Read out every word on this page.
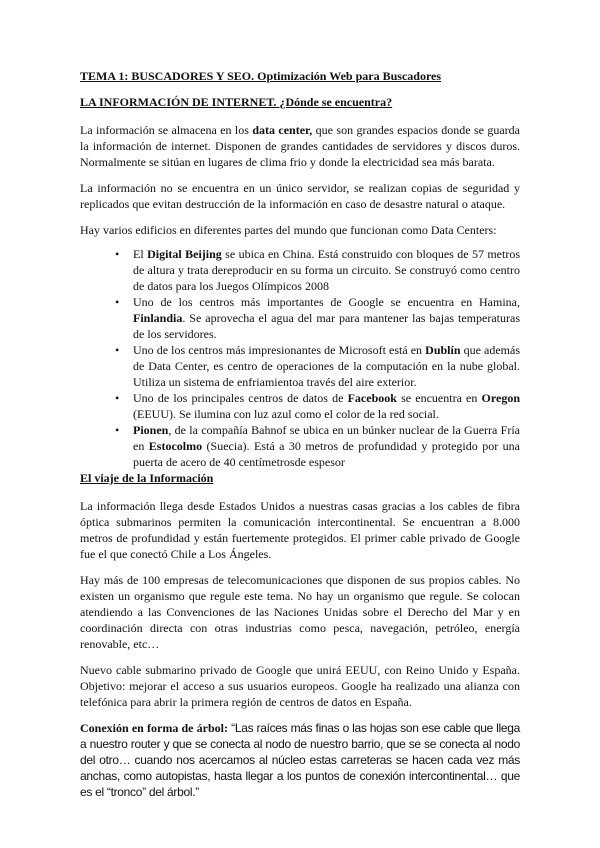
TEMA 1: BUSCADORES Y SEO. Optimización Web para Buscadores
LA INFORMACIÓN DE INTERNET. ¿Dónde se encuentra?

La información se almacena en los data center, que son grandes espacios donde se guarda la información de internet. Disponen de grandes cantidades de servidores y discos duros. Normalmente se sitúan en lugares de clima frio y donde la electricidad sea más barata.

La información no se encuentra en un único servidor, se realizan copias de seguridad y replicados que evitan destrucción de la información en caso de desastre natural o ataque.

Hay varios edificios en diferentes partes del mundo que funcionan como Data Centers:

• El Digital Beijing se ubica en China. Está construido con bloques de 57 metros de altura y trata dereproducir en su forma un circuito. Se construyó como centro de datos para los Juegos Olímpicos 2008
• Uno de los centros más importantes de Google se encuentra en Hamina, Finlandia. Se aprovecha el agua del mar para mantener las bajas temperaturas de los servidores.
• Uno de los centros más impresionantes de Microsoft está en Dublín que además de Data Center, es centro de operaciones de la computación en la nube global. Utiliza un sistema de enfriamientoa través del aire exterior.
• Uno de los principales centros de datos de Facebook se encuentra en Oregon (EEUU). Se ilumina con luz azul como el color de la red social.
• Pionen, de la compañía Bahnof se ubica en un búnker nuclear de la Guerra Fría en Estocolmo (Suecia). Está a 30 metros de profundidad y protegido por una puerta de acero de 40 centímetrosde espesor
El viaje de la Información

La información llega desde Estados Unidos a nuestras casas gracias a los cables de fibra óptica submarinos permiten la comunicación intercontinental. Se encuentran a 8.000 metros de profundidad y están fuertemente protegidos. El primer cable privado de Google fue el que conectó Chile a Los Ángeles.

Hay más de 100 empresas de telecomunicaciones que disponen de sus propios cables. No existen un organismo que regule este tema. No hay un organismo que regule. Se colocan atendiendo a las Convenciones de las Naciones Unidas sobre el Derecho del Mar y en coordinación directa con otras industrias como pesca, navegación, petróleo, energía renovable, etc…

Nuevo cable submarino privado de Google que unirá EEUU, con Reino Unido y España. Objetivo: mejorar el acceso a sus usuarios europeos. Google ha realizado una alianza con telefónica para abrir la primera región de centros de datos en España.

Conexión en forma de árbol: “Las raíces más finas o las hojas son ese cable que llega a nuestro router y que se conecta al nodo de nuestro barrio, que se se conecta al nodo del otro… cuando nos acercamos al núcleo estas carreteras se hacen cada vez más anchas, como autopistas, hasta llegar a los puntos de conexión intercontinental… que es el “tronco” del árbol.”
